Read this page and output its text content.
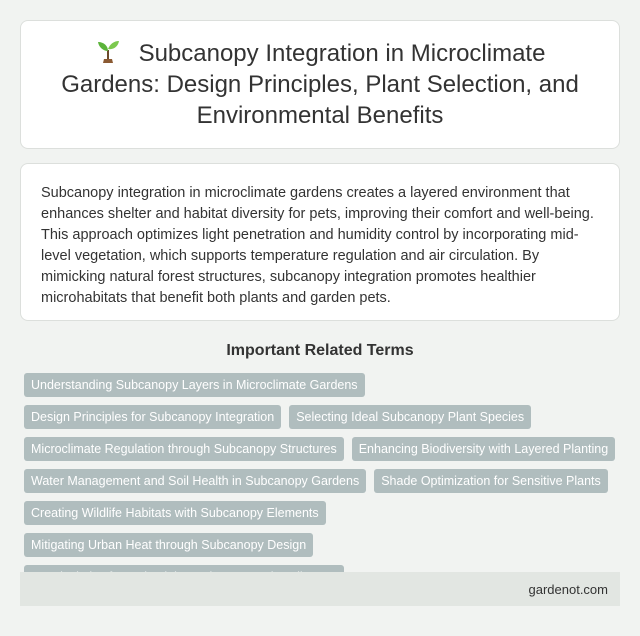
Subcanopy Integration in Microclimate Gardens: Design Principles, Plant Selection, and Environmental Benefits

Subcanopy integration in microclimate gardens creates a layered environment that enhances shelter and habitat diversity for pets, improving their comfort and well-being. This approach optimizes light penetration and humidity control by incorporating mid-level vegetation, which supports temperature regulation and air circulation. By mimicking natural forest structures, subcanopy integration promotes healthier microhabitats that benefit both plants and garden pets.

Important Related Terms
Understanding Subcanopy Layers in Microclimate Gardens
Design Principles for Subcanopy Integration	Selecting Ideal Subcanopy Plant Species
Microclimate Regulation through Subcanopy Structures	Enhancing Biodiversity with Layered Planting
Water Management and Soil Health in Subcanopy Gardens	Shade Optimization for Sensitive Plants
Creating Wildlife Habitats with Subcanopy Elements
Mitigating Urban Heat through Subcanopy Design
gardenot.com
